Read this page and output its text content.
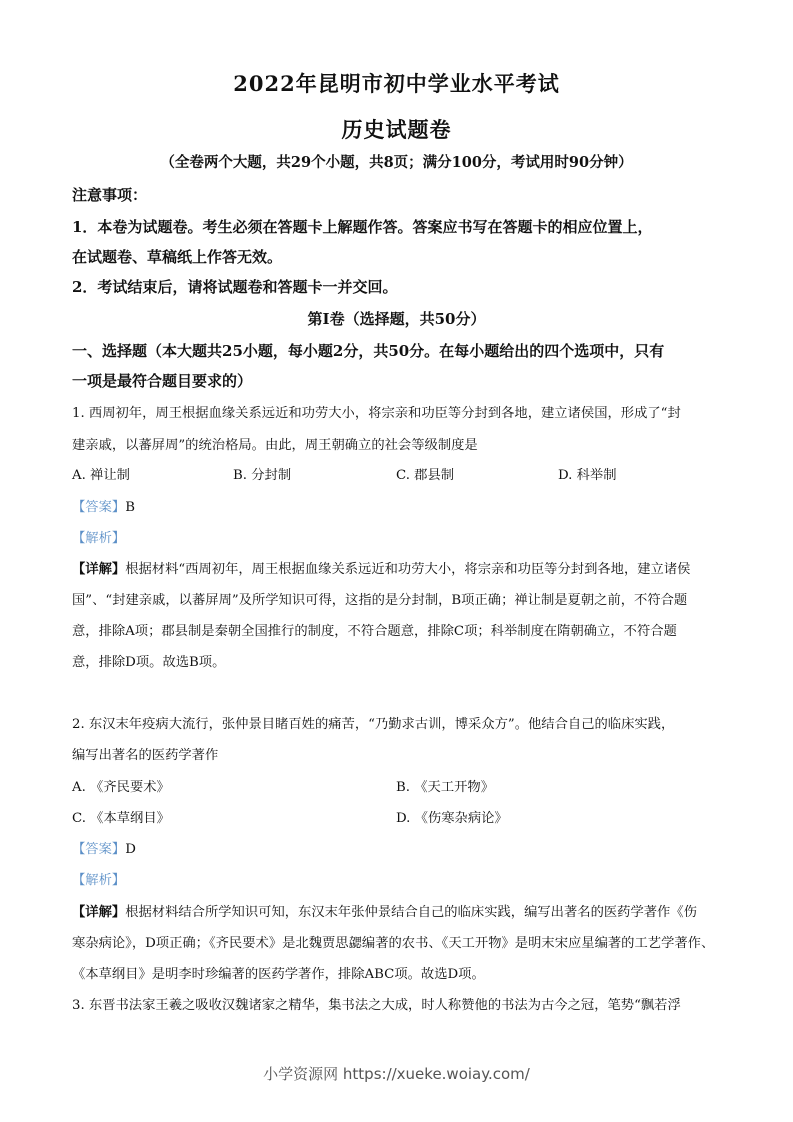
2022年昆明市初中学业水平考试
历史试题卷
（全卷两个大题，共29个小题，共8页；满分100分，考试用时90分钟）
注意事项：
1．本卷为试题卷。考生必须在答题卡上解题作答。答案应书写在答题卡的相应位置上，
在试题卷、草稿纸上作答无效。
2．考试结束后，请将试题卷和答题卡一并交回。
第I卷（选择题，共50分）
一、选择题（本大题共25小题，每小题2分，共50分。在每小题给出的四个选项中，只有
一项是最符合题目要求的）
1. 西周初年，周王根据血缘关系远近和功劳大小，将宗亲和功臣等分封到各地，建立诸侯国，形成了“封
建亲戚，以蕃屏周”的统治格局。由此，周王朝确立的社会等级制度是
A. 禅让制	B. 分封制	C. 郡县制	D. 科举制
【答案】B
【解析】
【详解】根据材料“西周初年，周王根据血缘关系远近和功劳大小，将宗亲和功臣等分封到各地，建立诸侯
国”、“封建亲戚，以蕃屏周”及所学知识可得，这指的是分封制，B项正确；禅让制是夏朝之前，不符合题
意，排除A项；郡县制是秦朝全国推行的制度，不符合题意，排除C项；科举制度在隋朝确立，不符合题
意，排除D项。故选B项。
2. 东汉末年疫病大流行，张仲景目睹百姓的痛苦，“乃勤求古训，博采众方”。他结合自己的临床实践，
编写出著名的医药学著作
A. 《齐民要术》	B. 《天工开物》
C. 《本草纲目》	D. 《伤寒杂病论》
【答案】D
【解析】
【详解】根据材料结合所学知识可知，东汉末年张仲景结合自己的临床实践，编写出著名的医药学著作《伤
寒杂病论》，D项正确；《齐民要术》是北魏贾思勰编著的农书、《天工开物》是明末宋应星编著的工艺学著作、
《本草纲目》是明李时珍编著的医药学著作，排除ABC项。故选D项。
3. 东晋书法家王羲之吸收汉魏诸家之精华，集书法之大成，时人称赞他的书法为古今之冠，笔势“飘若浮
小学资源网 https://xueke.woiay.com/
